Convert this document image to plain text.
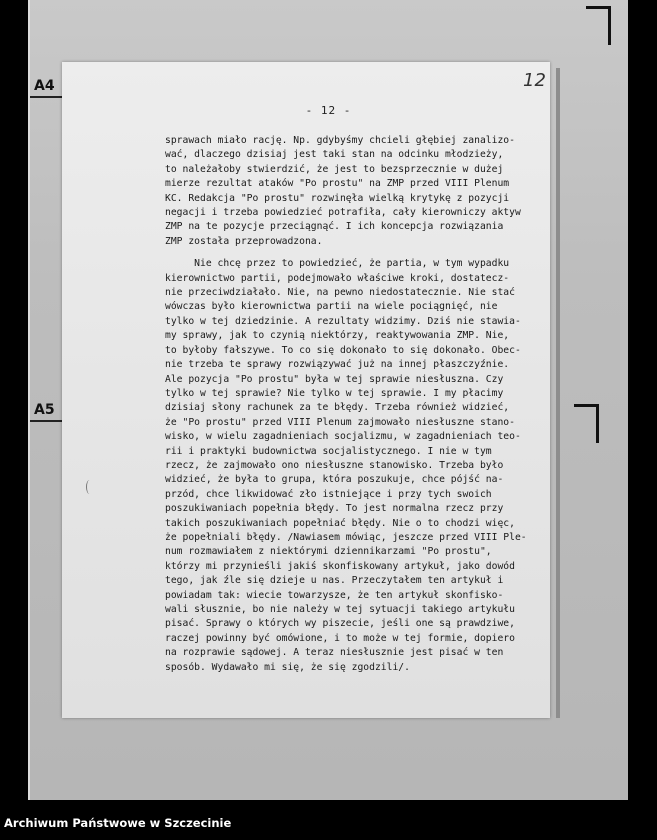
A4
A5
12
- 12 -
sprawach miało rację. Np. gdybyśmy chcieli głębiej zanalizo-
wać, dlaczego dzisiaj jest taki stan na odcinku młodzieży,
to należałoby stwierdzić, że jest to bezsprzecznie w dużej
mierze rezultat ataków "Po prostu" na ZMP przed VIII Plenum
KC. Redakcja "Po prostu" rozwinęła wielką krytykę z pozycji
negacji i trzeba powiedzieć potrafiła, cały kierowniczy aktyw
ZMP na te pozycje przeciągnąć. I ich koncepcja rozwiązania
ZMP została przeprowadzona.
Nie chcę przez to powiedzieć, że partia, w tym wypadku
kierownictwo partii, podejmowało właściwe kroki, dostatecz-
nie przeciwdziałało. Nie, na pewno niedostatecznie. Nie stać
wówczas było kierownictwa partii na wiele pociągnięć, nie
tylko w tej dziedzinie. A rezultaty widzimy. Dziś nie stawia-
my sprawy, jak to czynią niektórzy, reaktywowania ZMP. Nie,
to byłoby fałszywe. To co się dokonało to się dokonało. Obec-
nie trzeba te sprawy rozwiązywać już na innej płaszczyźnie.
Ale pozycja "Po prostu" była w tej sprawie niesłuszna. Czy
tylko w tej sprawie? Nie tylko w tej sprawie. I my płacimy
dzisiaj słony rachunek za te błędy. Trzeba również widzieć,
że "Po prostu" przed VIII Plenum zajmowało niesłuszne stano-
wisko, w wielu zagadnieniach socjalizmu, w zagadnieniach teo-
rii i praktyki budownictwa socjalistycznego. I nie w tym
rzecz, że zajmowało ono niesłuszne stanowisko. Trzeba było
widzieć, że była to grupa, która poszukuje, chce pójść na-
przód, chce likwidować zło istniejące i przy tych swoich
poszukiwaniach popełnia błędy. To jest normalna rzecz przy
takich poszukiwaniach popełniać błędy. Nie o to chodzi więc,
że popełniali błędy. /Nawiasem mówiąc, jeszcze przed VIII Ple-
num rozmawiałem z niektórymi dziennikarzami "Po prostu",
którzy mi przynieśli jakiś skonfiskowany artykuł, jako dowód
tego, jak źle się dzieje u nas. Przeczytałem ten artykuł i
powiadam tak: wiecie towarzysze, że ten artykuł skonfisko-
wali słusznie, bo nie należy w tej sytuacji takiego artykułu
pisać. Sprawy o których wy piszecie, jeśli one są prawdziwe,
raczej powinny być omówione, i to może w tej formie, dopiero
na rozprawie sądowej. A teraz niesłusznie jest pisać w ten
sposób. Wydawało mi się, że się zgodzili/.
Archiwum Państwowe w Szczecinie
